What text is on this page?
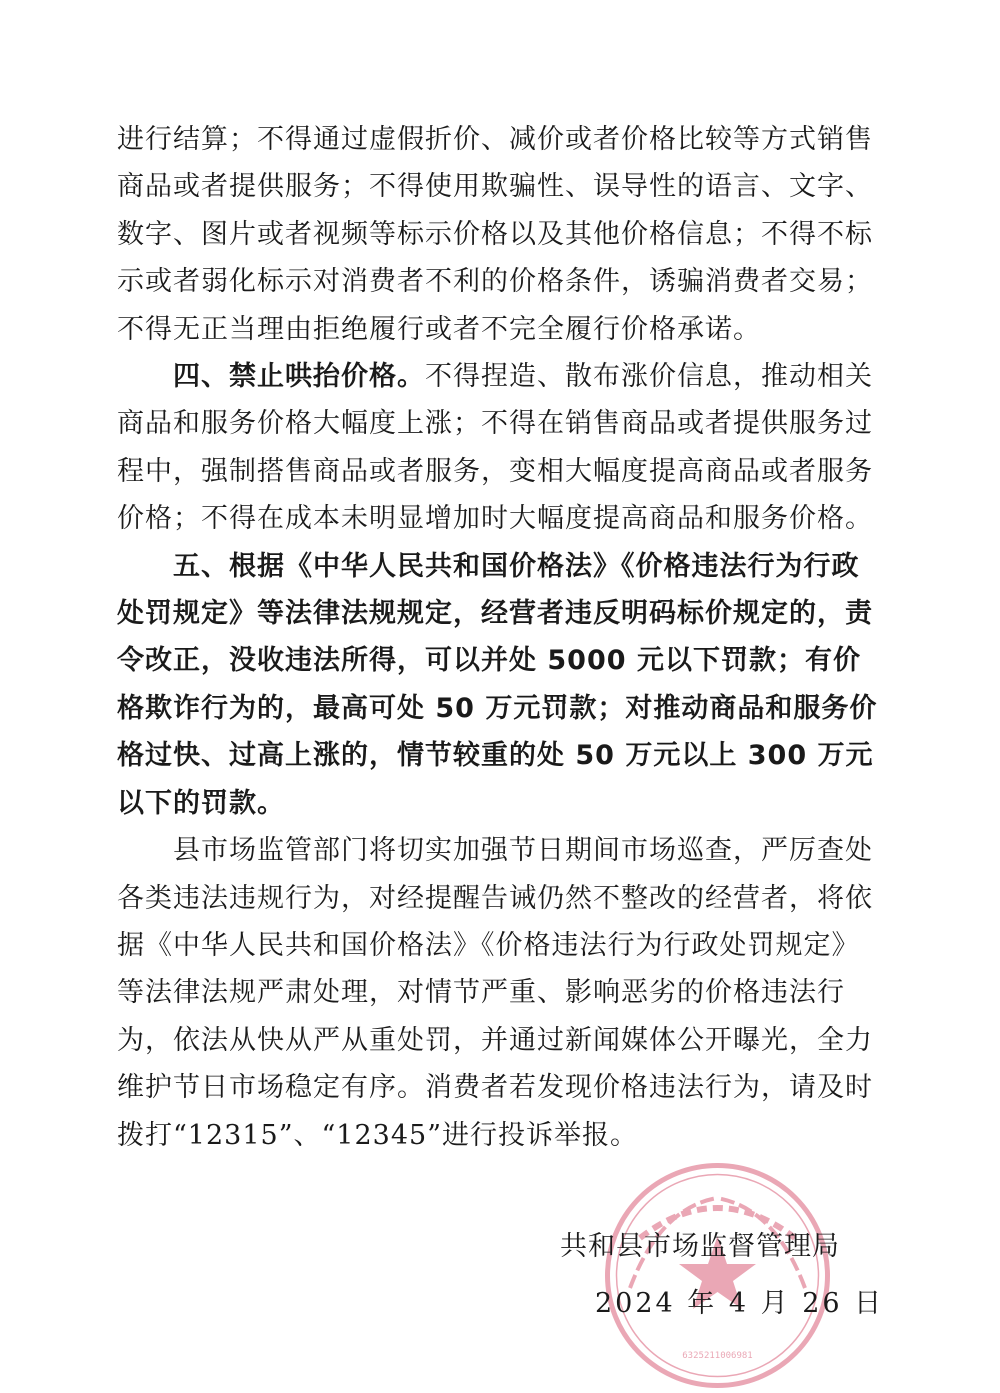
进行结算；不得通过虚假折价、减价或者价格比较等方式销售商品或者提供服务；不得使用欺骗性、误导性的语言、文字、数字、图片或者视频等标示价格以及其他价格信息；不得不标示或者弱化标示对消费者不利的价格条件，诱骗消费者交易；不得无正当理由拒绝履行或者不完全履行价格承诺。

四、禁止哄抬价格。不得捏造、散布涨价信息，推动相关商品和服务价格大幅度上涨；不得在销售商品或者提供服务过程中，强制搭售商品或者服务，变相大幅度提高商品或者服务价格；不得在成本未明显增加时大幅度提高商品和服务价格。

五、根据《中华人民共和国价格法》《价格违法行为行政处罚规定》等法律法规规定，经营者违反明码标价规定的，责令改正，没收违法所得，可以并处 5000 元以下罚款；有价格欺诈行为的，最高可处 50 万元罚款；对推动商品和服务价格过快、过高上涨的，情节较重的处 50 万元以上 300 万元以下的罚款。

县市场监管部门将切实加强节日期间市场巡查，严厉查处各类违法违规行为，对经提醒告诫仍然不整改的经营者，将依据《中华人民共和国价格法》《价格违法行为行政处罚规定》等法律法规严肃处理，对情节严重、影响恶劣的价格违法行为，依法从快从严从重处罚，并通过新闻媒体公开曝光，全力维护节日市场稳定有序。消费者若发现价格违法行为，请及时拨打“12315”、“12345”进行投诉举报。

6325211006981
共和县市场监督管理局
2024 年 4 月 26 日
